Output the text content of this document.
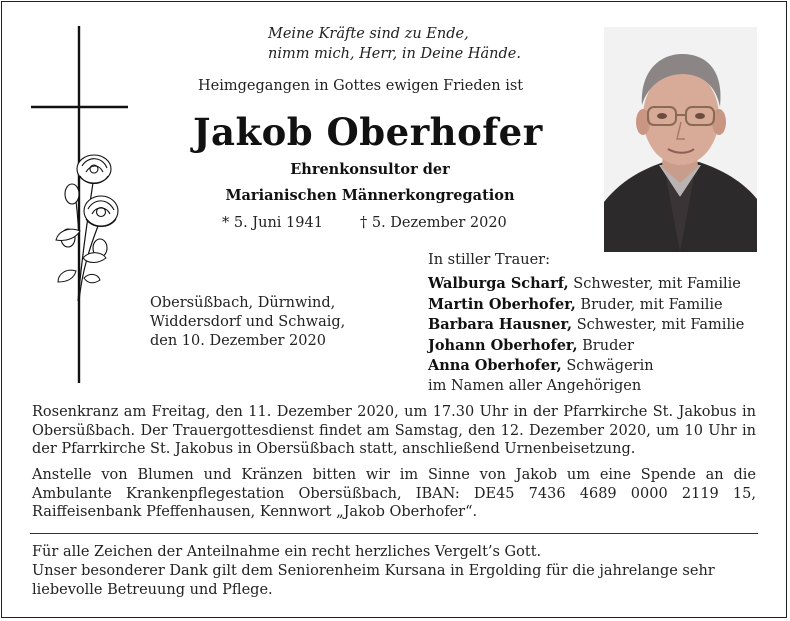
Meine Kräfte sind zu Ende,
nimm mich, Herr, in Deine Hände.
Heimgegangen in Gottes ewigen Frieden ist
Jakob Oberhofer
Ehrenkonsultor der
Marianischen Männerkongregation
* 5. Juni 1941	† 5. Dezember 2020
Obersüßbach, Dürnwind,
Widdersdorf und Schwaig,
den 10. Dezember 2020
In stiller Trauer:
Walburga Scharf, Schwester, mit Familie
Martin Oberhofer, Bruder, mit Familie
Barbara Hausner, Schwester, mit Familie
Johann Oberhofer, Bruder
Anna Oberhofer, Schwägerin
im Namen aller Angehörigen
Rosenkranz am Freitag, den 11. Dezember 2020, um 17.30 Uhr in der Pfarrkirche St. Jakobus in Obersüßbach. Der Trauergottesdienst findet am Samstag, den 12. Dezember 2020, um 10 Uhr in der Pfarrkirche St. Jakobus in Obersüßbach statt, anschließend Urnenbeisetzung.
Anstelle von Blumen und Kränzen bitten wir im Sinne von Jakob um eine Spende an die Ambulante Krankenpflegestation Obersüßbach, IBAN: DE45 7436 4689 0000 2119 15, Raiffeisenbank Pfeffenhausen, Kennwort „Jakob Oberhofer“.
Für alle Zeichen der Anteilnahme ein recht herzliches Vergelt’s Gott.
Unser besonderer Dank gilt dem Seniorenheim Kursana in Ergolding für die jahrelange sehr liebevolle Betreuung und Pflege.
